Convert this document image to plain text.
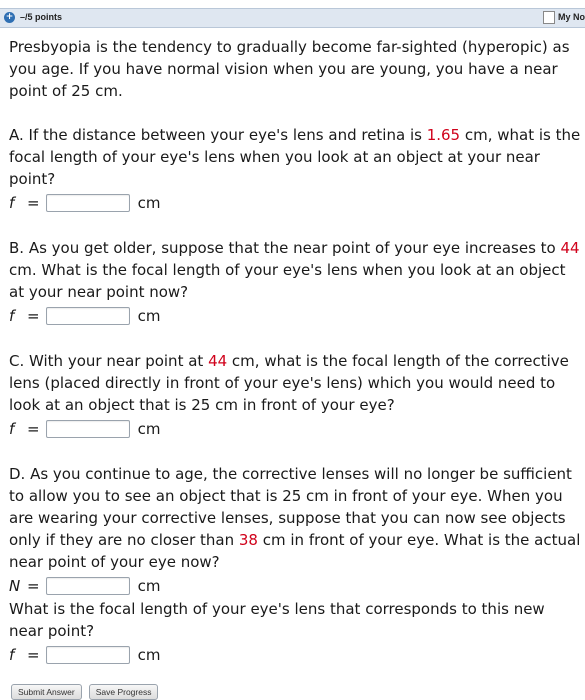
+ –/5 points	My No

Presbyopia is the tendency to gradually become far-sighted (hyperopic) as you age. If you have normal vision when you are young, you have a near point of 25 cm.

A. If the distance between your eye's lens and retina is 1.65 cm, what is the focal length of your eye's lens when you look at an object at your near point?

f =	cm

B. As you get older, suppose that the near point of your eye increases to 44 cm. What is the focal length of your eye's lens when you look at an object at your near point now?

f =	cm

C. With your near point at 44 cm, what is the focal length of the corrective lens (placed directly in front of your eye's lens) which you would need to look at an object that is 25 cm in front of your eye?

f =	cm

D. As you continue to age, the corrective lenses will no longer be sufficient to allow you to see an object that is 25 cm in front of your eye. When you are wearing your corrective lenses, suppose that you can now see objects only if they are no closer than 38 cm in front of your eye. What is the actual near point of your eye now?

N =	cm

What is the focal length of your eye's lens that corresponds to this new near point?

f =	cm
Submit Answer	Save Progress
